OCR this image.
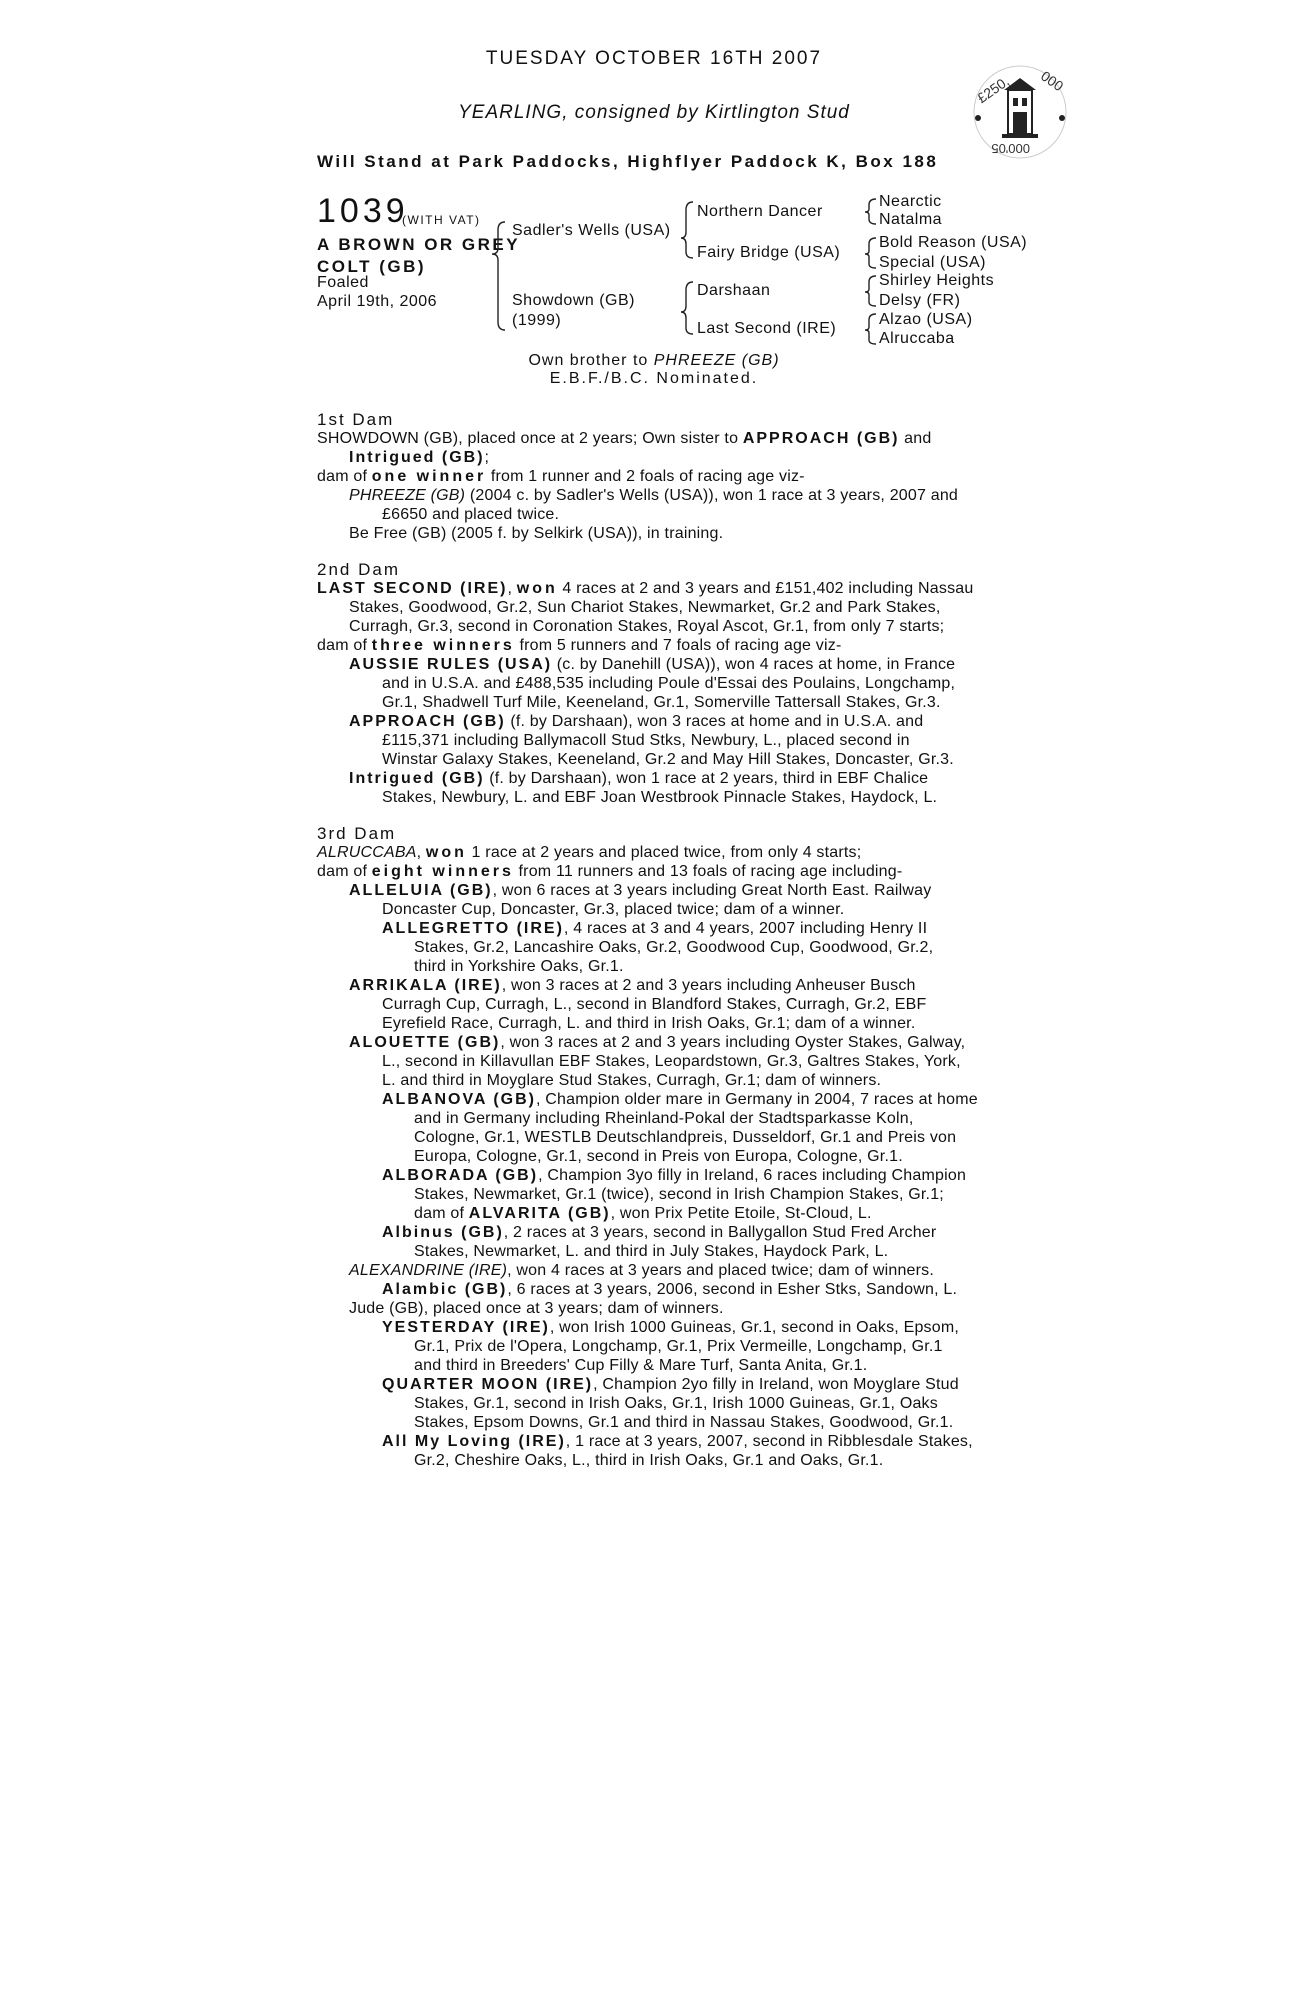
TUESDAY OCTOBER 16TH 2007
YEARLING, consigned by Kirtlington Stud
Will Stand at Park Paddocks, Highflyer Paddock K, Box 188
£250, 000
000'05
1039
(WITH VAT)
A BROWN OR GREY
COLT (GB)
Foaled
April 19th, 2006
Sadler's Wells (USA)
Showdown (GB)
(1999)
Northern Dancer
Fairy Bridge (USA)
Darshaan
Last Second (IRE)
Nearctic
Natalma
Bold Reason (USA)
Special (USA)
Shirley Heights
Delsy (FR)
Alzao (USA)
Alruccaba
Own brother to PHREEZE (GB)
E.B.F./B.C. Nominated.
1st Dam
SHOWDOWN (GB), placed once at 2 years; Own sister to APPROACH (GB) and
Intrigued (GB);
dam of one winner from 1 runner and 2 foals of racing age viz-
PHREEZE (GB) (2004 c. by Sadler's Wells (USA)), won 1 race at 3 years, 2007 and
£6650 and placed twice.
Be Free (GB) (2005 f. by Selkirk (USA)), in training.
2nd Dam
LAST SECOND (IRE), won 4 races at 2 and 3 years and £151,402 including Nassau
Stakes, Goodwood, Gr.2, Sun Chariot Stakes, Newmarket, Gr.2 and Park Stakes,
Curragh, Gr.3, second in Coronation Stakes, Royal Ascot, Gr.1, from only 7 starts;
dam of three winners from 5 runners and 7 foals of racing age viz-
AUSSIE RULES (USA) (c. by Danehill (USA)), won 4 races at home, in France
and in U.S.A. and £488,535 including Poule d'Essai des Poulains, Longchamp,
Gr.1, Shadwell Turf Mile, Keeneland, Gr.1, Somerville Tattersall Stakes, Gr.3.
APPROACH (GB) (f. by Darshaan), won 3 races at home and in U.S.A. and
£115,371 including Ballymacoll Stud Stks, Newbury, L., placed second in
Winstar Galaxy Stakes, Keeneland, Gr.2 and May Hill Stakes, Doncaster, Gr.3.
Intrigued (GB) (f. by Darshaan), won 1 race at 2 years, third in EBF Chalice
Stakes, Newbury, L. and EBF Joan Westbrook Pinnacle Stakes, Haydock, L.
3rd Dam
ALRUCCABA, won 1 race at 2 years and placed twice, from only 4 starts;
dam of eight winners from 11 runners and 13 foals of racing age including-
ALLELUIA (GB), won 6 races at 3 years including Great North East. Railway
Doncaster Cup, Doncaster, Gr.3, placed twice; dam of a winner.
ALLEGRETTO (IRE), 4 races at 3 and 4 years, 2007 including Henry II
Stakes, Gr.2, Lancashire Oaks, Gr.2, Goodwood Cup, Goodwood, Gr.2,
third in Yorkshire Oaks, Gr.1.
ARRIKALA (IRE), won 3 races at 2 and 3 years including Anheuser Busch
Curragh Cup, Curragh, L., second in Blandford Stakes, Curragh, Gr.2, EBF
Eyrefield Race, Curragh, L. and third in Irish Oaks, Gr.1; dam of a winner.
ALOUETTE (GB), won 3 races at 2 and 3 years including Oyster Stakes, Galway,
L., second in Killavullan EBF Stakes, Leopardstown, Gr.3, Galtres Stakes, York,
L. and third in Moyglare Stud Stakes, Curragh, Gr.1; dam of winners.
ALBANOVA (GB), Champion older mare in Germany in 2004, 7 races at home
and in Germany including Rheinland-Pokal der Stadtsparkasse Koln,
Cologne, Gr.1, WESTLB Deutschlandpreis, Dusseldorf, Gr.1 and Preis von
Europa, Cologne, Gr.1, second in Preis von Europa, Cologne, Gr.1.
ALBORADA (GB), Champion 3yo filly in Ireland, 6 races including Champion
Stakes, Newmarket, Gr.1 (twice), second in Irish Champion Stakes, Gr.1;
dam of ALVARITA (GB), won Prix Petite Etoile, St-Cloud, L.
Albinus (GB), 2 races at 3 years, second in Ballygallon Stud Fred Archer
Stakes, Newmarket, L. and third in July Stakes, Haydock Park, L.
ALEXANDRINE (IRE), won 4 races at 3 years and placed twice; dam of winners.
Alambic (GB), 6 races at 3 years, 2006, second in Esher Stks, Sandown, L.
Jude (GB), placed once at 3 years; dam of winners.
YESTERDAY (IRE), won Irish 1000 Guineas, Gr.1, second in Oaks, Epsom,
Gr.1, Prix de l'Opera, Longchamp, Gr.1, Prix Vermeille, Longchamp, Gr.1
and third in Breeders' Cup Filly & Mare Turf, Santa Anita, Gr.1.
QUARTER MOON (IRE), Champion 2yo filly in Ireland, won Moyglare Stud
Stakes, Gr.1, second in Irish Oaks, Gr.1, Irish 1000 Guineas, Gr.1, Oaks
Stakes, Epsom Downs, Gr.1 and third in Nassau Stakes, Goodwood, Gr.1.
All My Loving (IRE), 1 race at 3 years, 2007, second in Ribblesdale Stakes,
Gr.2, Cheshire Oaks, L., third in Irish Oaks, Gr.1 and Oaks, Gr.1.
